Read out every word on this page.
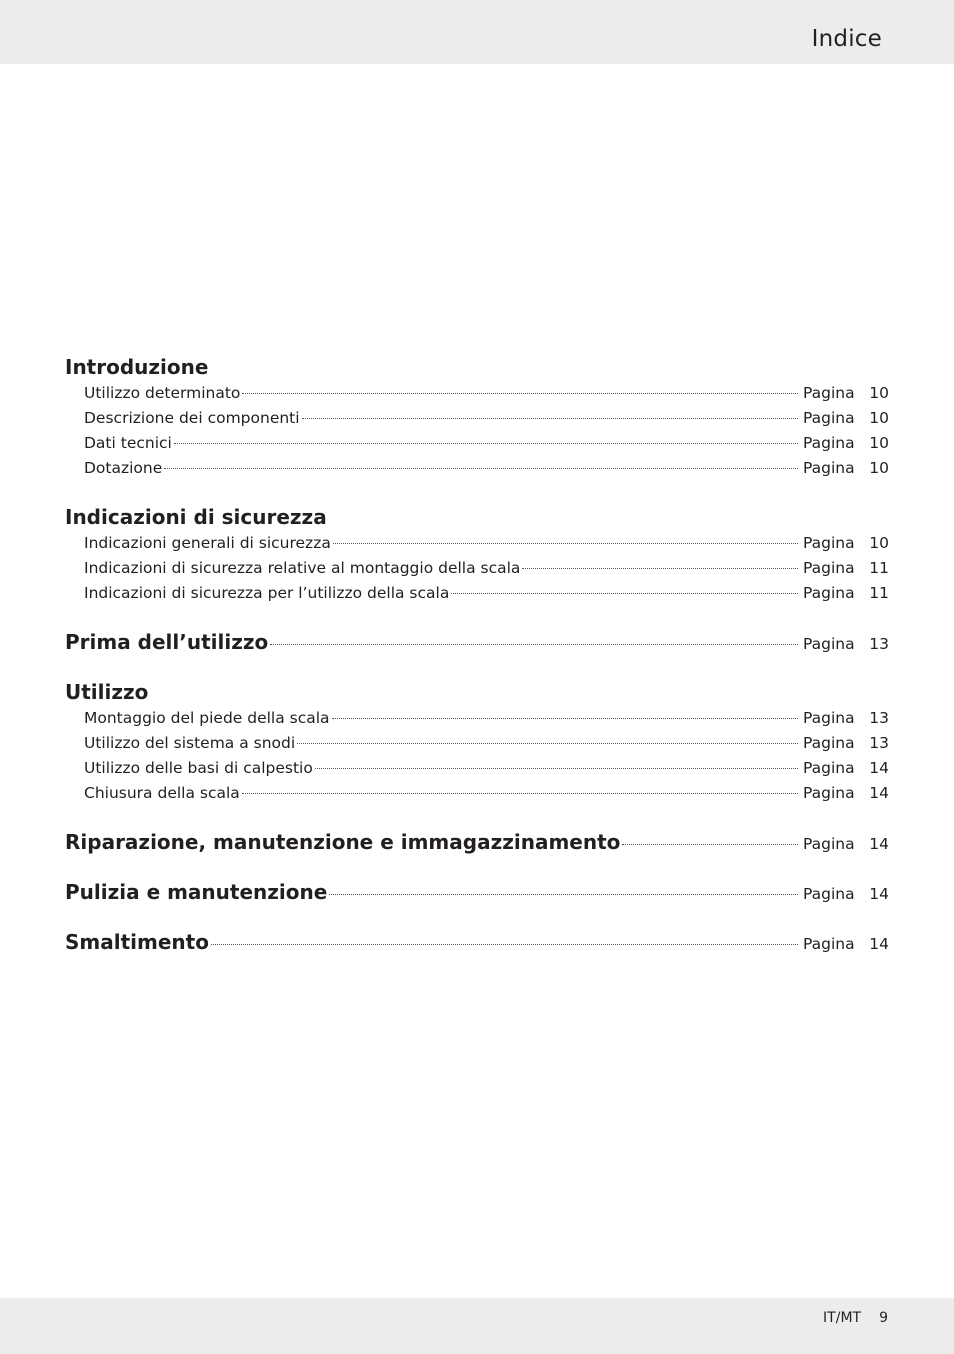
Indice
Introduzione
Utilizzo determinato	Pagina 10
Descrizione dei componenti	Pagina 10
Dati tecnici	Pagina 10
Dotazione	Pagina 10
Indicazioni di sicurezza
Indicazioni generali di sicurezza	Pagina 10
Indicazioni di sicurezza relative al montaggio della scala	Pagina 11
Indicazioni di sicurezza per l’utilizzo della scala	Pagina 11
Prima dell’utilizzo	Pagina 13
Utilizzo
Montaggio del piede della scala	Pagina 13
Utilizzo del sistema a snodi	Pagina 13
Utilizzo delle basi di calpestio	Pagina 14
Chiusura della scala	Pagina 14
Riparazione, manutenzione e immagazzinamento	Pagina 14
Pulizia e manutenzione	Pagina 14
Smaltimento	Pagina 14
IT/MT 9
